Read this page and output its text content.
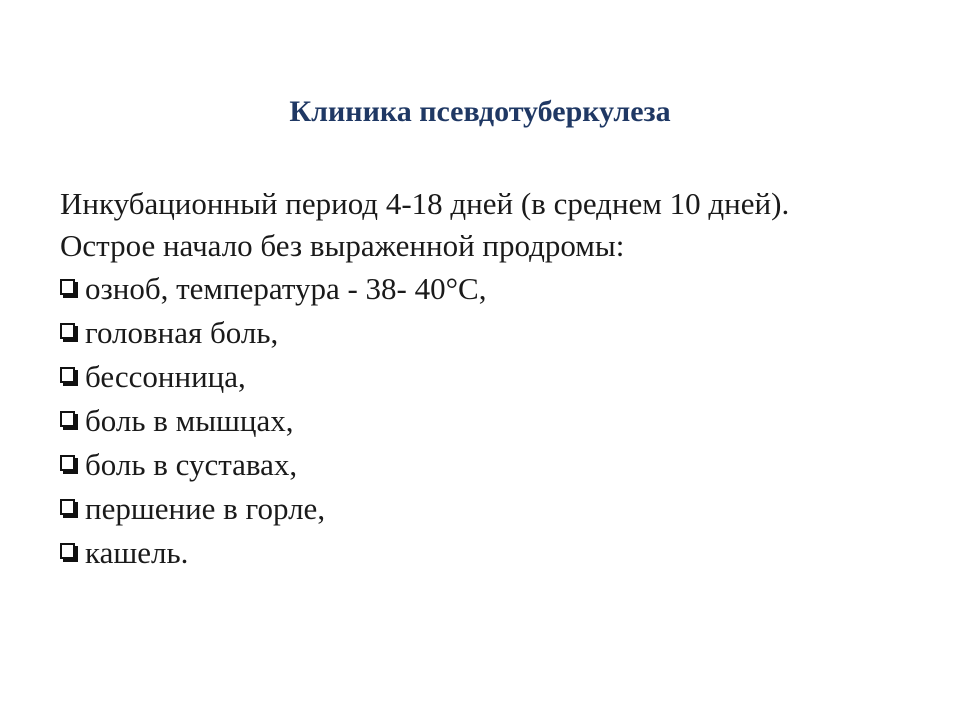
Клиника псевдотуберкулеза

Инкубационный период 4-18 дней (в среднем 10 дней).

Острое начало без выраженной продромы:

озноб, температура - 38- 40°С,
головная боль,
бессонница,
боль в мышцах,
боль в суставах,
першение в горле,
кашель.
